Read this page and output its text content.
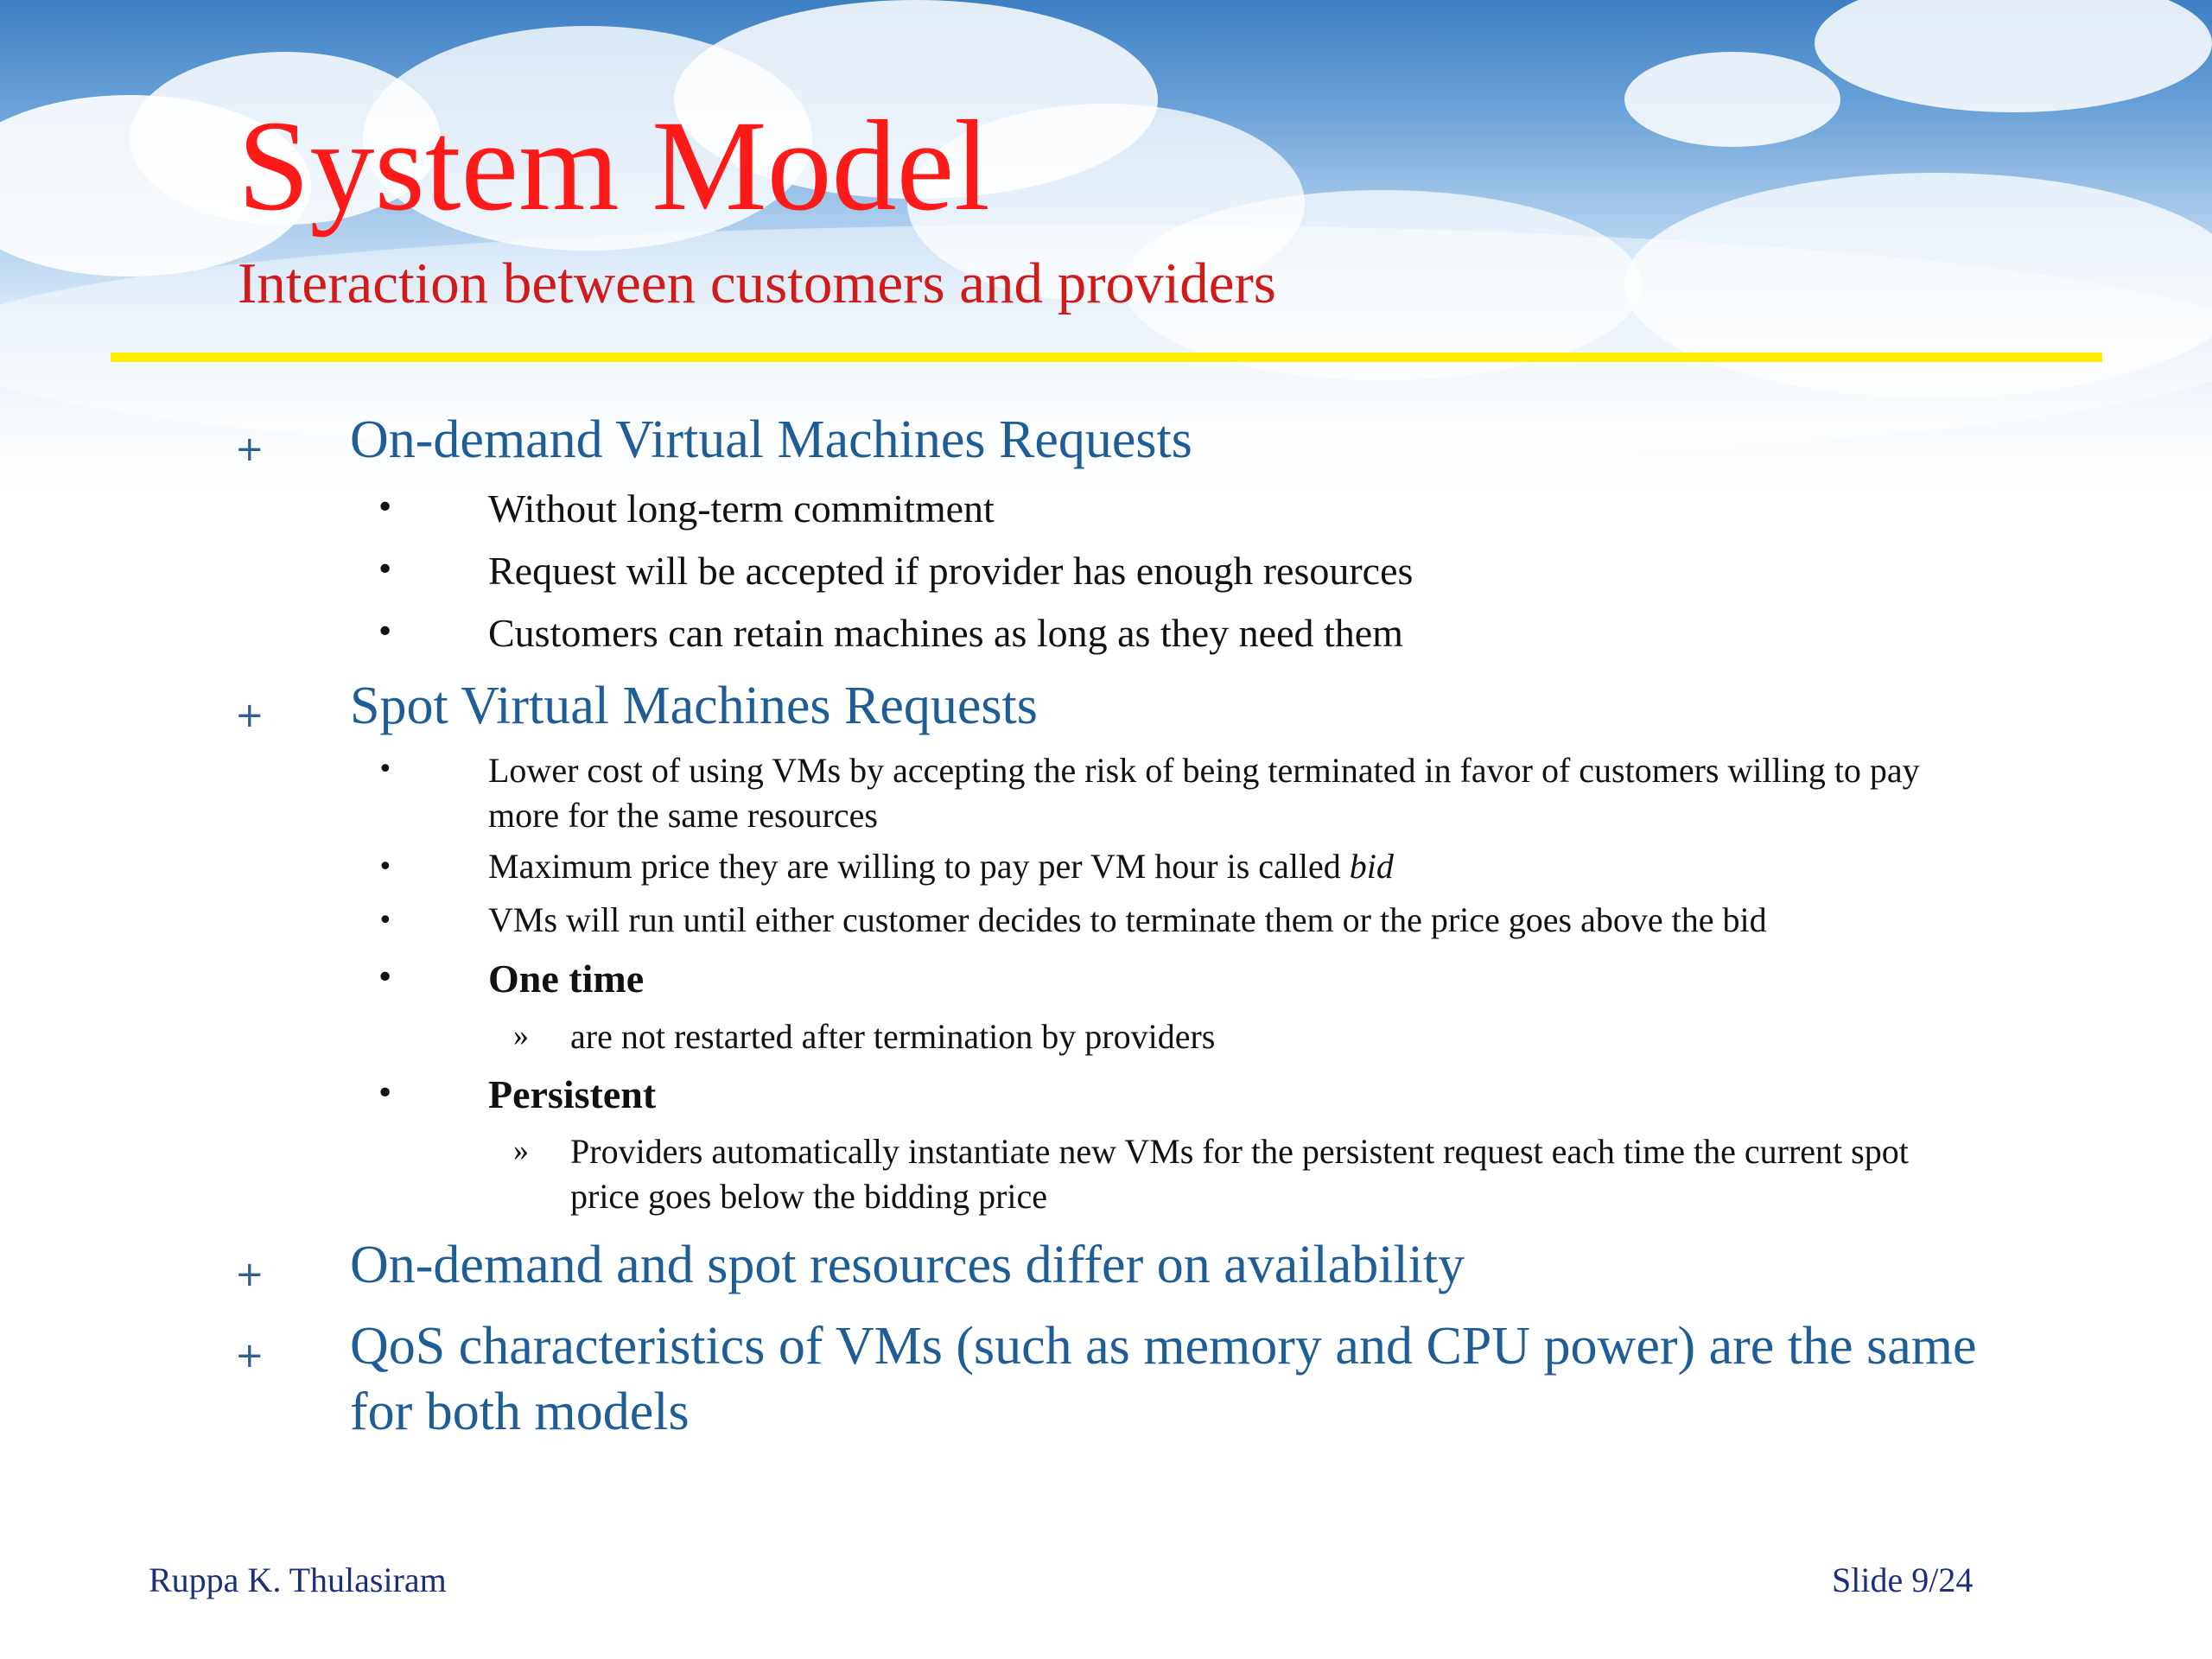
System Model
Interaction between customers and providers
+ On-demand Virtual Machines Requests
• Without long-term commitment
• Request will be accepted if provider has enough resources
• Customers can retain machines as long as they need them
+ Spot Virtual Machines Requests
•	Lower cost of using VMs by accepting the risk of being terminated in favor of customers willing to pay
more for the same resources
•	Maximum price they are willing to pay per VM hour is called bid
•	VMs will run until either customer decides to terminate them or the price goes above the bid
• One time
» are not restarted after termination by providers
• Persistent
» Providers automatically instantiate new VMs for the persistent request each time the current spot
price goes below the bidding price
+ On-demand and spot resources differ on availability
+ QoS characteristics of VMs (such as memory and CPU power) are the same
for both models
Ruppa K. Thulasiram	Slide 9/24
